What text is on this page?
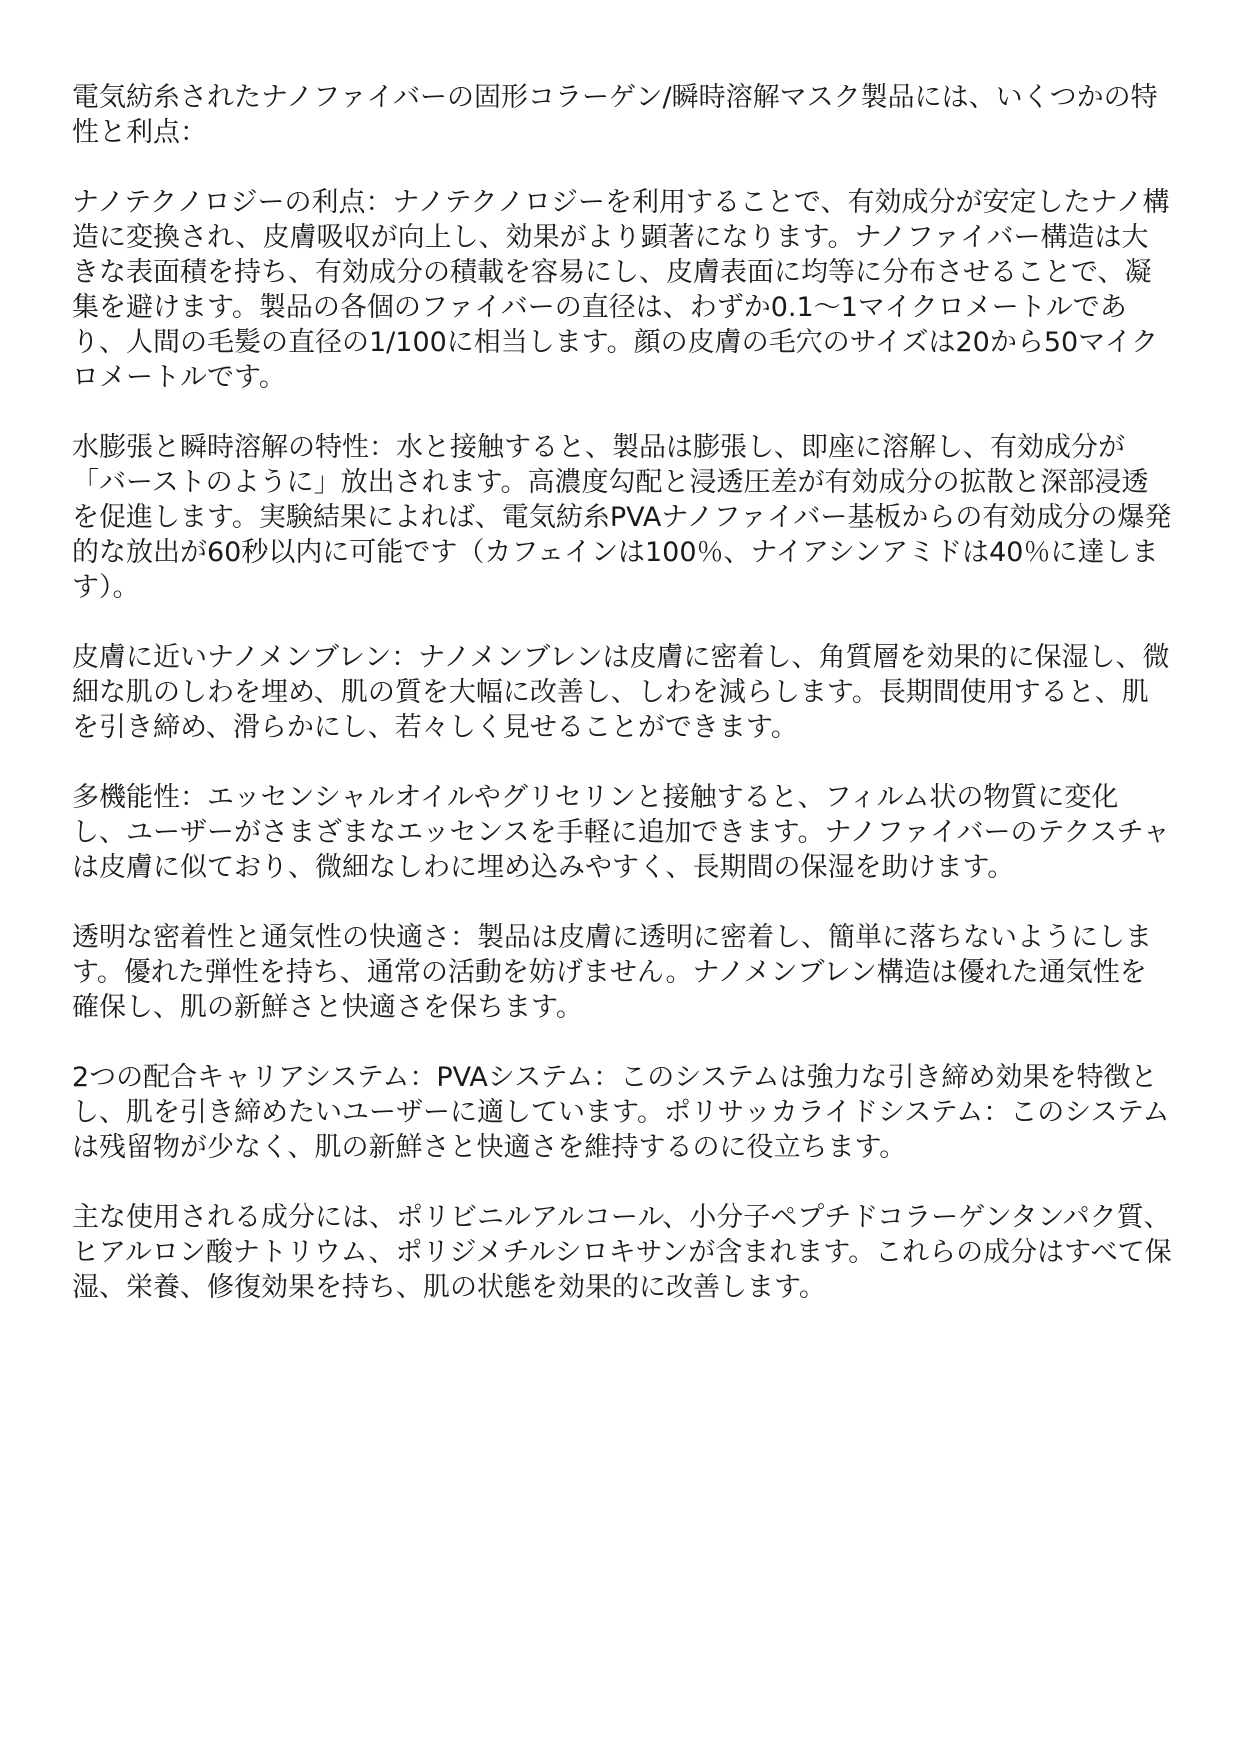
電気紡糸されたナノファイバーの固形コラーゲン/瞬時溶解マスク製品には、いくつかの特性と利点：

ナノテクノロジーの利点：ナノテクノロジーを利用することで、有効成分が安定したナノ構造に変換され、皮膚吸収が向上し、効果がより顕著になります。ナノファイバー構造は大きな表面積を持ち、有効成分の積載を容易にし、皮膚表面に均等に分布させることで、凝集を避けます。製品の各個のファイバーの直径は、わずか0.1〜1マイクロメートルであり、人間の毛髪の直径の1/100に相当します。顔の皮膚の毛穴のサイズは20から50マイクロメートルです。

水膨張と瞬時溶解の特性：水と接触すると、製品は膨張し、即座に溶解し、有効成分が「バーストのように」放出されます。高濃度勾配と浸透圧差が有効成分の拡散と深部浸透を促進します。実験結果によれば、電気紡糸PVAナノファイバー基板からの有効成分の爆発的な放出が60秒以内に可能です（カフェインは100％、ナイアシンアミドは40％に達します）。

皮膚に近いナノメンブレン：ナノメンブレンは皮膚に密着し、角質層を効果的に保湿し、微細な肌のしわを埋め、肌の質を大幅に改善し、しわを減らします。長期間使用すると、肌を引き締め、滑らかにし、若々しく見せることができます。

多機能性：エッセンシャルオイルやグリセリンと接触すると、フィルム状の物質に変化し、ユーザーがさまざまなエッセンスを手軽に追加できます。ナノファイバーのテクスチャは皮膚に似ており、微細なしわに埋め込みやすく、長期間の保湿を助けます。

透明な密着性と通気性の快適さ：製品は皮膚に透明に密着し、簡単に落ちないようにします。優れた弾性を持ち、通常の活動を妨げません。ナノメンブレン構造は優れた通気性を確保し、肌の新鮮さと快適さを保ちます。

2つの配合キャリアシステム：PVAシステム：このシステムは強力な引き締め効果を特徴とし、肌を引き締めたいユーザーに適しています。ポリサッカライドシステム：このシステムは残留物が少なく、肌の新鮮さと快適さを維持するのに役立ちます。

主な使用される成分には、ポリビニルアルコール、小分子ペプチドコラーゲンタンパク質、ヒアルロン酸ナトリウム、ポリジメチルシロキサンが含まれます。これらの成分はすべて保湿、栄養、修復効果を持ち、肌の状態を効果的に改善します。
